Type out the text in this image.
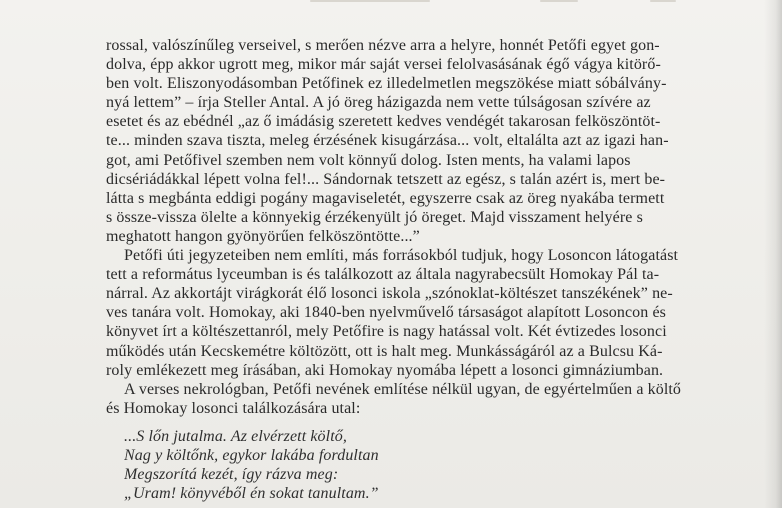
rossal, valószínűleg verseivel, s merően nézve arra a helyre, honnét Petőfi egyet gon-
dolva, épp akkor ugrott meg, mikor már saját versei felolvasásának égő vágya kitörő-
ben volt. Eliszonyodásomban Petőfinek ez illedelmetlen megszökése miatt sóbálvány-
nyá lettem” – írja Steller Antal. A jó öreg házigazda nem vette túlságosan szívére az
esetet és az ebédnél „az ő imádásig szeretett kedves vendégét takarosan felköszöntöt-
te... minden szava tiszta, meleg érzésének kisugárzása... volt, eltalálta azt az igazi han-
got, ami Petőfivel szemben nem volt könnyű dolog. Isten ments, ha valami lapos
dicsériádákkal lépett volna fel!... Sándornak tetszett az egész, s talán azért is, mert be-
látta s megbánta eddigi pogány magaviseletét, egyszerre csak az öreg nyakába termett
s össze-vissza ölelte a könnyekig érzékenyült jó öreget. Majd visszament helyére s
meghatott hangon gyönyörűen felköszöntötte...”
Petőfi úti jegyzeteiben nem említi, más forrásokból tudjuk, hogy Losoncon látogatást
tett a református lyceumban is és találkozott az általa nagyrabecsült Homokay Pál ta-
nárral. Az akkortájt virágkorát élő losonci iskola „szónoklat-költészet tanszékének” ne-
ves tanára volt. Homokay, aki 1840-ben nyelvművelő társaságot alapított Losoncon és
könyvet írt a költészettanról, mely Petőfire is nagy hatással volt. Két évtizedes losonci
működés után Kecskemétre költözött, ott is halt meg. Munkásságáról az a Bulcsu Ká-
roly emlékezett meg írásában, aki Homokay nyomába lépett a losonci gimnáziumban.
A verses nekrológban, Petőfi nevének említése nélkül ugyan, de egyértelműen a költő
és Homokay losonci találkozására utal:
...S lőn jutalma. Az elvérzett költő,
Nag y költőnk, egykor lakába fordultan
Megszorítá kezét, így rázva meg:
„Uram! könyvéből én sokat tanultam.”
